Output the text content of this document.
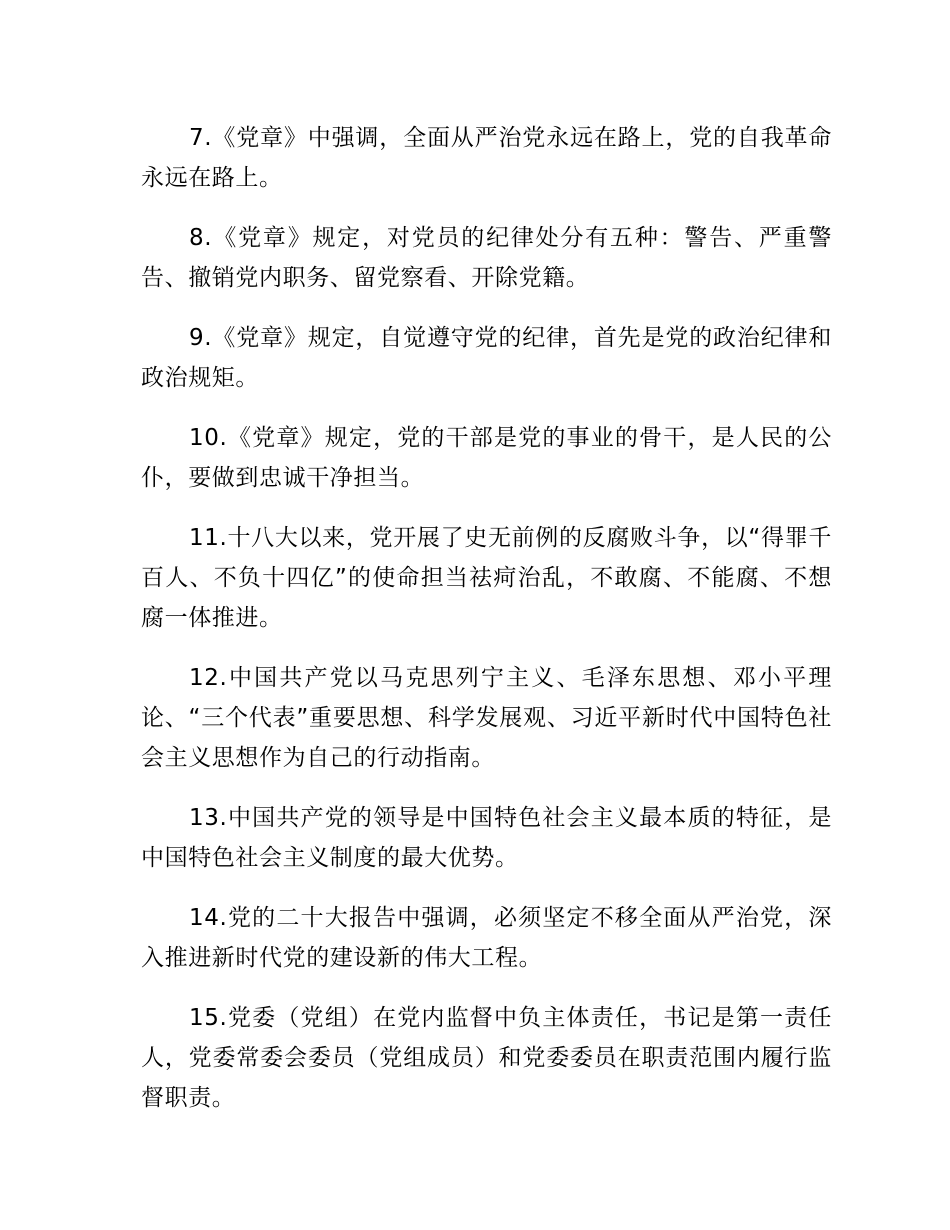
7.《党章》中强调，全面从严治党永远在路上，党的自我革命永远在路上。

8.《党章》规定，对党员的纪律处分有五种：警告、严重警告、撤销党内职务、留党察看、开除党籍。

9.《党章》规定，自觉遵守党的纪律，首先是党的政治纪律和政治规矩。

10.《党章》规定，党的干部是党的事业的骨干，是人民的公仆，要做到忠诚干净担当。

11.十八大以来，党开展了史无前例的反腐败斗争，以“得罪千百人、不负十四亿”的使命担当祛疴治乱，不敢腐、不能腐、不想腐一体推进。

12.中国共产党以马克思列宁主义、毛泽东思想、邓小平理论、“三个代表”重要思想、科学发展观、习近平新时代中国特色社会主义思想作为自己的行动指南。

13.中国共产党的领导是中国特色社会主义最本质的特征，是中国特色社会主义制度的最大优势。

14.党的二十大报告中强调，必须坚定不移全面从严治党，深入推进新时代党的建设新的伟大工程。

15.党委（党组）在党内监督中负主体责任，书记是第一责任人，党委常委会委员（党组成员）和党委委员在职责范围内履行监督职责。
